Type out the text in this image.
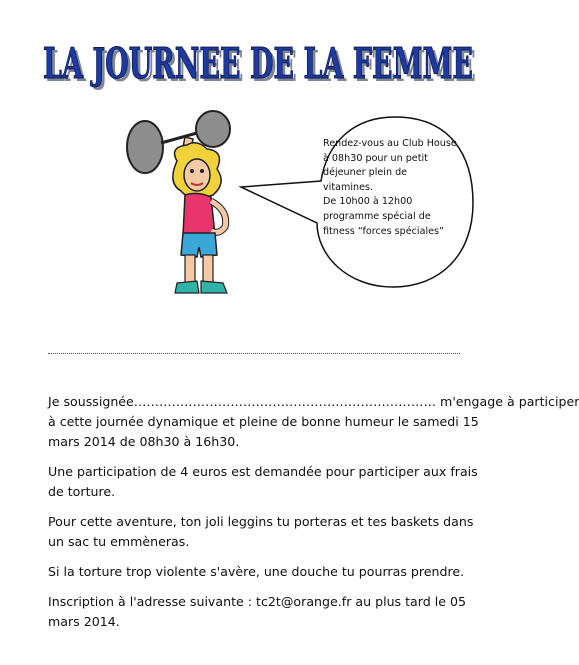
LA JOURNEE DE LA FEMME
LA JOURNEE DE LA FEMME
Rendez-vous au Club House
à 08h30 pour un petit
déjeuner plein de
vitamines.
De 10h00 à 12h00
programme spécial de
fitness “forces spéciales”

Je soussignée……………………………………………………………… m'engage à participer
à cette journée dynamique et pleine de bonne humeur le samedi 15
mars 2014 de 08h30 à 16h30.

Une participation de 4 euros est demandée pour participer aux frais
de torture.

Pour cette aventure, ton joli leggins tu porteras et tes baskets dans
un sac tu emmèneras.

Si la torture trop violente s'avère, une douche tu pourras prendre.

Inscription à l'adresse suivante : tc2t@orange.fr au plus tard le 05
mars 2014.
